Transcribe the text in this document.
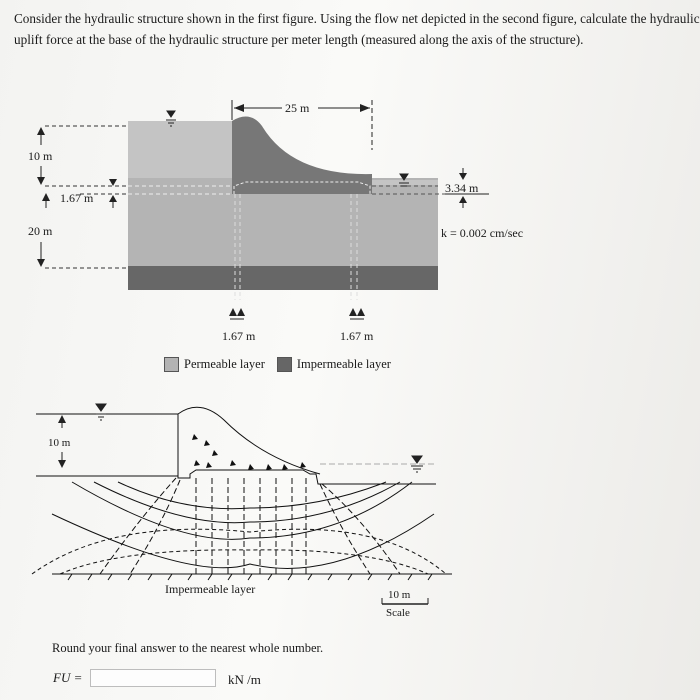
Consider the hydraulic structure shown in the first figure. Using the flow net depicted in the second figure, calculate the hydraulic uplift force at the base of the hydraulic structure per meter length (measured along the axis of the structure).

25 m
10 m
1.67 m
20 m
3.34 m
k = 0.002 cm/sec
1.67 m	1.67 m
Permeable layer	Impermeable layer
10 m
Impermeable layer	10 m
Scale
Round your final answer to the nearest whole number.
FU =	kN /m
